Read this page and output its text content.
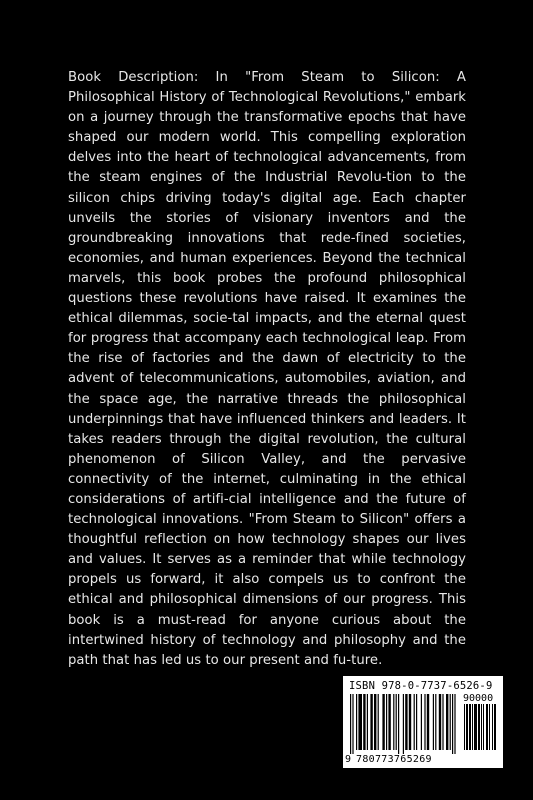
Book Description: In "From Steam to Silicon: A Philosophical History of Technological Revolutions," embark on a journey through the transformative epochs that have shaped our modern world. This compelling exploration delves into the heart of technological advancements, from the steam engines of the Industrial Revolu-tion to the silicon chips driving today's digital age. Each chapter unveils the stories of visionary inventors and the groundbreaking innovations that rede-fined societies, economies, and human experiences. Beyond the technical marvels, this book probes the profound philosophical questions these revolutions have raised. It examines the ethical dilemmas, socie-tal impacts, and the eternal quest for progress that accompany each technological leap. From the rise of factories and the dawn of electricity to the advent of telecommunications, automobiles, aviation, and the space age, the narrative threads the philosophical underpinnings that have influenced thinkers and leaders. It takes readers through the digital revolution, the cultural phenomenon of Silicon Valley, and the pervasive connectivity of the internet, culminating in the ethical considerations of artifi-cial intelligence and the future of technological innovations. "From Steam to Silicon" offers a thoughtful reflection on how technology shapes our lives and values. It serves as a reminder that while technology propels us forward, it also compels us to confront the ethical and philosophical dimensions of our progress. This book is a must-read for anyone curious about the intertwined history of technology and philosophy and the path that has led us to our present and fu-ture.

ISBN 978-0-7737-6526-9
90000
9 780773765269
